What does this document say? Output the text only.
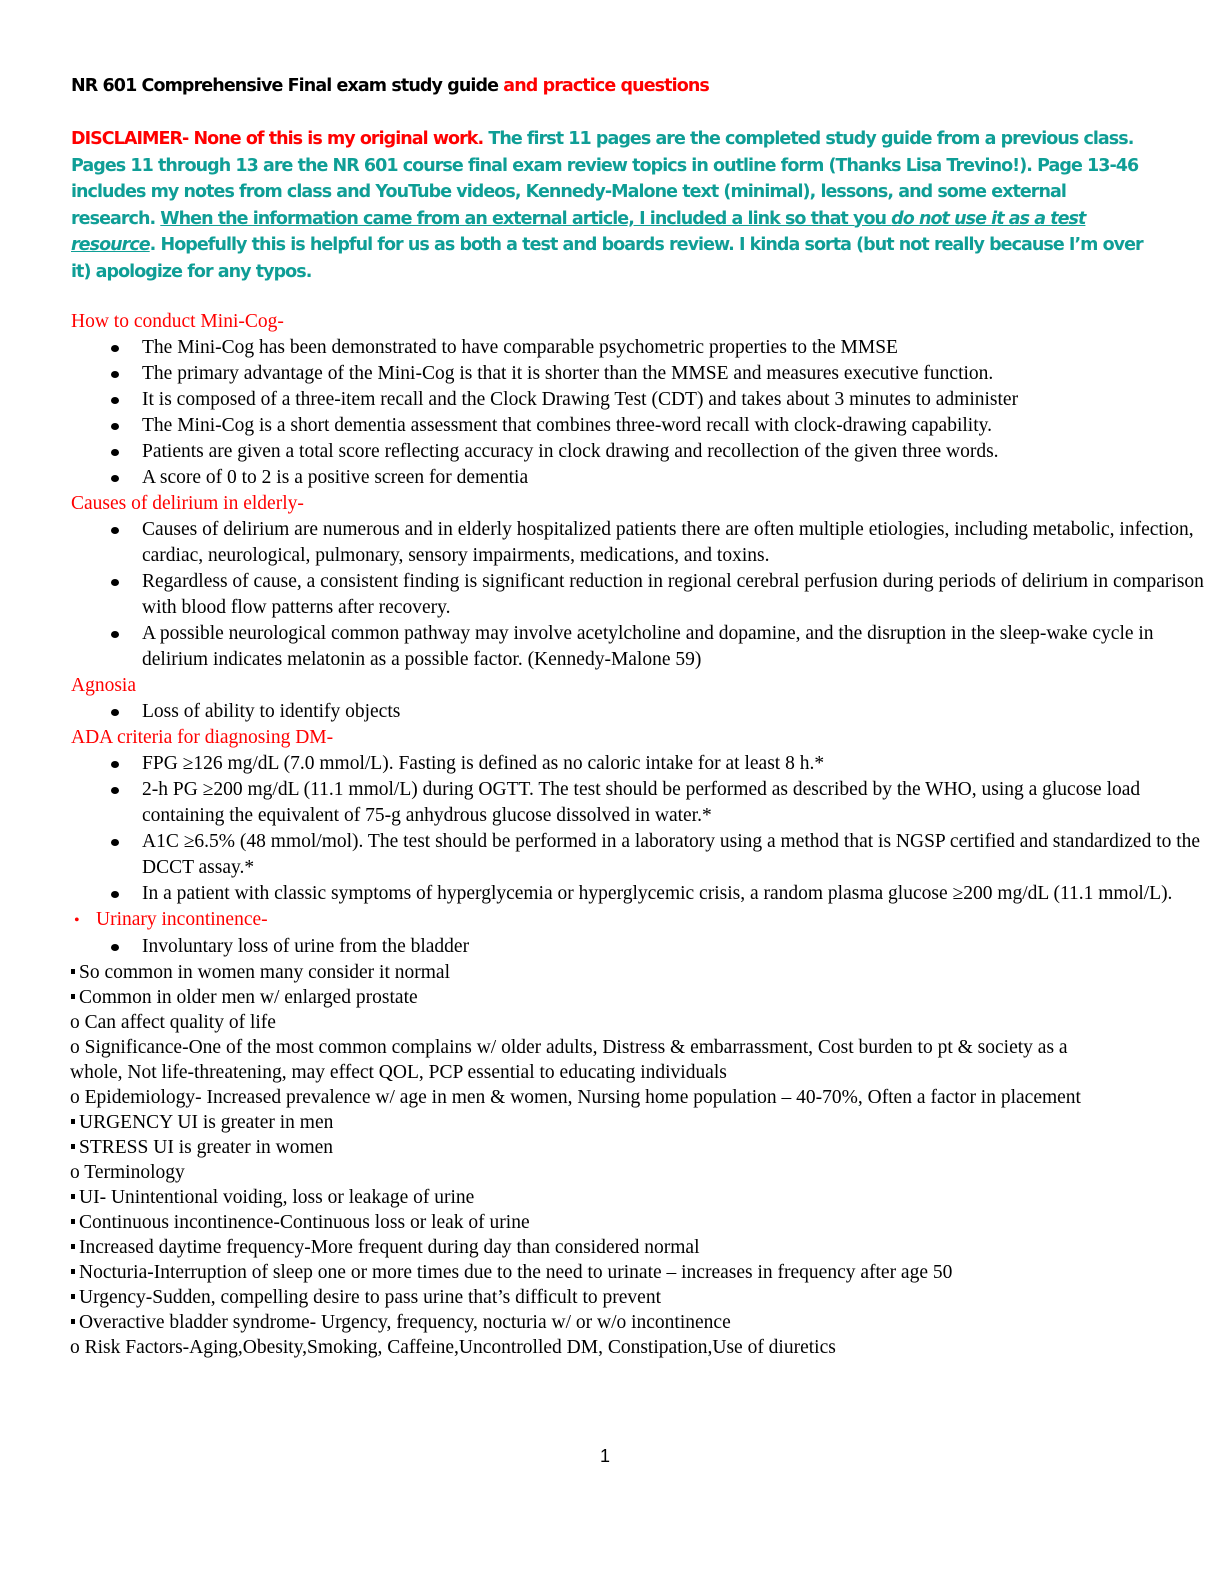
NR 601 Comprehensive Final exam study guide and practice questions
DISCLAIMER- None of this is my original work. The first 11 pages are the completed study guide from a previous class. Pages 11 through 13 are the NR 601 course final exam review topics in outline form (Thanks Lisa Trevino!). Page 13-46 includes my notes from class and YouTube videos, Kennedy-Malone text (minimal), lessons, and some external research. When the information came from an external article, I included a link so that you do not use it as a test resource. Hopefully this is helpful for us as both a test and boards review. I kinda sorta (but not really because I’m over it) apologize for any typos.

How to conduct Mini-Cog-

The Mini-Cog has been demonstrated to have comparable psychometric properties to the MMSE
The primary advantage of the Mini-Cog is that it is shorter than the MMSE and measures executive function.
It is composed of a three-item recall and the Clock Drawing Test (CDT) and takes about 3 minutes to administer
The Mini-Cog is a short dementia assessment that combines three-word recall with clock-drawing capability.
Patients are given a total score reflecting accuracy in clock drawing and recollection of the given three words.
A score of 0 to 2 is a positive screen for dementia

Causes of delirium in elderly-

Causes of delirium are numerous and in elderly hospitalized patients there are often multiple etiologies, including metabolic, infection, cardiac, neurological, pulmonary, sensory impairments, medications, and toxins.
Regardless of cause, a consistent finding is significant reduction in regional cerebral perfusion during periods of delirium in comparison with blood flow patterns after recovery.
A possible neurological common pathway may involve acetylcholine and dopamine, and the disruption in the sleep-wake cycle in delirium indicates melatonin as a possible factor. (Kennedy-Malone 59)

Agnosia

Loss of ability to identify objects

ADA criteria for diagnosing DM-

FPG ≥126 mg/dL (7.0 mmol/L). Fasting is defined as no caloric intake for at least 8 h.*
2-h PG ≥200 mg/dL (11.1 mmol/L) during OGTT. The test should be performed as described by the WHO, using a glucose load containing the equivalent of 75-g anhydrous glucose dissolved in water.*
A1C ≥6.5% (48 mmol/mol). The test should be performed in a laboratory using a method that is NGSP certified and standardized to the DCCT assay.*
In a patient with classic symptoms of hyperglycemia or hyperglycemic crisis, a random plasma glucose ≥200 mg/dL (11.1 mmol/L).

• Urinary incontinence-

Involuntary loss of urine from the bladder

So common in women many consider it normal

Common in older men w/ enlarged prostate

o Can affect quality of life

o Significance-One of the most common complains w/ older adults, Distress & embarrassment, Cost burden to pt & society as a whole, Not life-threatening, may effect QOL, PCP essential to educating individuals

o Epidemiology- Increased prevalence w/ age in men & women, Nursing home population – 40-70%, Often a factor in placement

URGENCY UI is greater in men

STRESS UI is greater in women

o Terminology

UI- Unintentional voiding, loss or leakage of urine

Continuous incontinence-Continuous loss or leak of urine

Increased daytime frequency-More frequent during day than considered normal

Nocturia-Interruption of sleep one or more times due to the need to urinate – increases in frequency after age 50

Urgency-Sudden, compelling desire to pass urine that’s difficult to prevent

Overactive bladder syndrome- Urgency, frequency, nocturia w/ or w/o incontinence

o Risk Factors-Aging,Obesity,Smoking, Caffeine,Uncontrolled DM, Constipation,Use of diuretics

1
